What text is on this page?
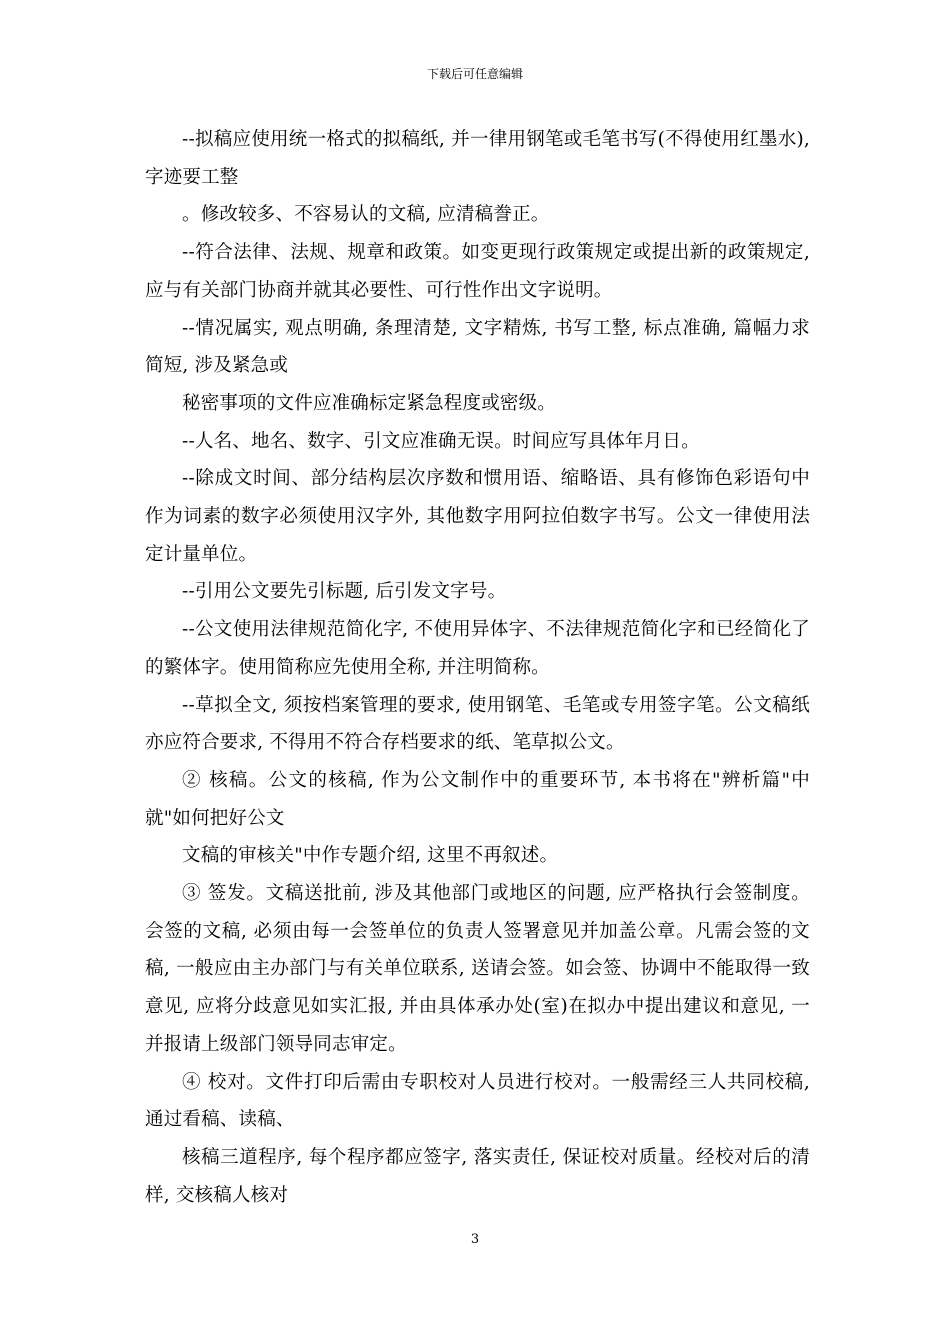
下载后可任意编辑

--拟稿应使用统一格式的拟稿纸, 并一律用钢笔或毛笔书写(不得使用红墨水), 字迹要工整

。修改较多、不容易认的文稿, 应清稿誊正。

--符合法律、法规、规章和政策。如变更现行政策规定或提出新的政策规定, 应与有关部门协商并就其必要性、可行性作出文字说明。

--情况属实, 观点明确, 条理清楚, 文字精炼, 书写工整, 标点准确, 篇幅力求简短, 涉及紧急或

秘密事项的文件应准确标定紧急程度或密级。

--人名、地名、数字、引文应准确无误。时间应写具体年月日。

--除成文时间、部分结构层次序数和惯用语、缩略语、具有修饰色彩语句中作为词素的数字必须使用汉字外, 其他数字用阿拉伯数字书写。公文一律使用法定计量单位。

--引用公文要先引标题, 后引发文字号。

--公文使用法律规范简化字, 不使用异体字、不法律规范简化字和已经简化了的繁体字。使用简称应先使用全称, 并注明简称。

--草拟全文, 须按档案管理的要求, 使用钢笔、毛笔或专用签字笔。公文稿纸亦应符合要求, 不得用不符合存档要求的纸、笔草拟公文。

② 核稿。公文的核稿, 作为公文制作中的重要环节, 本书将在"辨析篇"中就"如何把好公文

文稿的审核关"中作专题介绍, 这里不再叙述。

③ 签发。文稿送批前, 涉及其他部门或地区的问题, 应严格执行会签制度。会签的文稿, 必须由每一会签单位的负责人签署意见并加盖公章。凡需会签的文稿, 一般应由主办部门与有关单位联系, 送请会签。如会签、协调中不能取得一致意见, 应将分歧意见如实汇报, 并由具体承办处(室)在拟办中提出建议和意见, 一并报请上级部门领导同志审定。

④ 校对。文件打印后需由专职校对人员进行校对。一般需经三人共同校稿, 通过看稿、读稿、

核稿三道程序, 每个程序都应签字, 落实责任, 保证校对质量。经校对后的清样, 交核稿人核对

3
